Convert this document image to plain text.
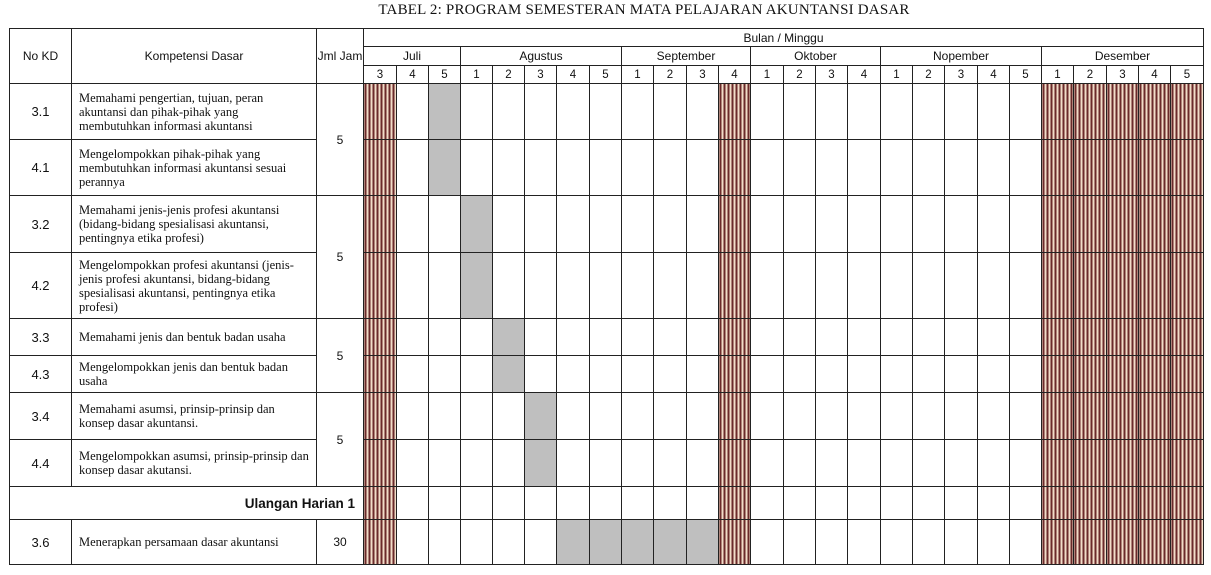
TABEL 2: PROGRAM SEMESTERAN MATA PELAJARAN AKUNTANSI DASAR
No KD	Kompetensi Dasar	Jml Jam	Bulan / Minggu																									
			Juli			Agustus					September				Oktober				Nopember					Desember				
			3	4	5	1	2	3	4	5	1	2	3	4	1	2	3	4	1	2	3	4	5	1	2	3	4	5
3.1	Memahami pengertian, tujuan, peran akuntansi dan pihak-pihak yang membutuhkan informasi akuntansi	5																										
4.1	Mengelompokkan pihak-pihak yang membutuhkan informasi akuntansi sesuai perannya																											
3.2	Memahami jenis-jenis profesi akuntansi (bidang-bidang spesialisasi akuntansi, pentingnya etika profesi)	5																										
4.2	Mengelompokkan profesi akuntansi (jenis-jenis profesi akuntansi, bidang-bidang spesialisasi akuntansi, pentingnya etika profesi)																											
3.3	Memahami jenis dan bentuk badan usaha	5																										
4.3	Mengelompokkan jenis dan bentuk badan usaha																											
3.4	Memahami asumsi, prinsip-prinsip dan konsep dasar akuntansi.	5																										
4.4	Mengelompokkan asumsi, prinsip-prinsip dan konsep dasar akutansi.																											
Ulangan Harian 1																												
3.6	Menerapkan persamaan dasar akuntansi	30																										
